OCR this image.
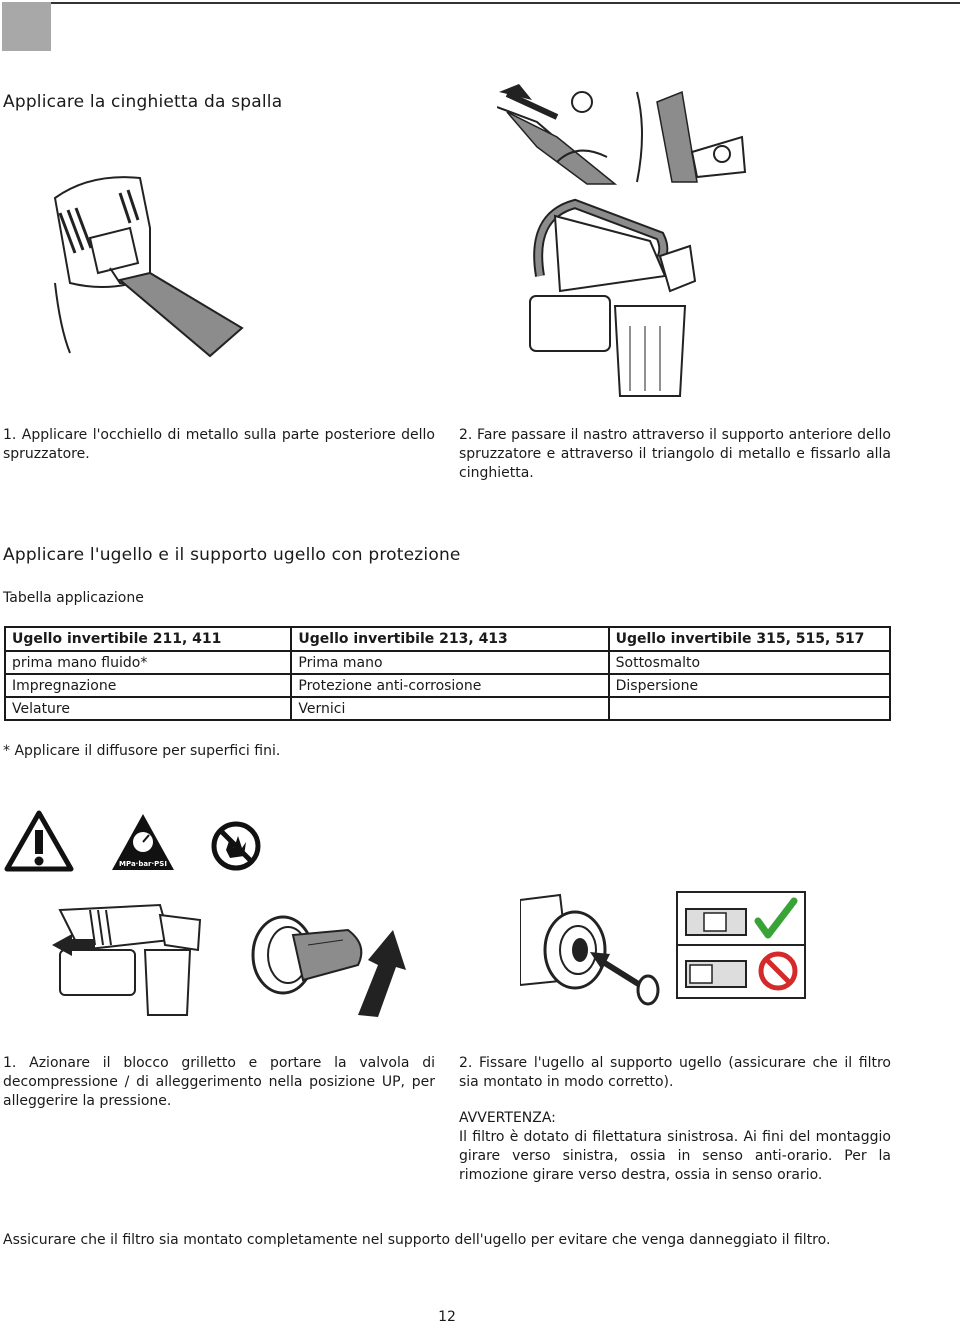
Applicare la cinghietta da spalla
1. Applicare l'occhiello di metallo sulla parte posteriore dello spruzzatore.
2. Fare passare il nastro attraverso il supporto anteriore dello spruzzatore e attraverso il triangolo di metallo e fissarlo alla cinghietta.
Applicare l'ugello e il supporto ugello con protezione
Tabella applicazione
Ugello invertibile 211, 411	Ugello invertibile 213, 413	Ugello invertibile 315, 515, 517
prima mano fluido*	Prima mano	Sottosmalto
Impregnazione	Protezione anti-corrosione	Dispersione
Velature	Vernici	
* Applicare il diffusore per superfici fini.
MPa·bar·PSI
1. Azionare il blocco grilletto e portare la valvola di decompressione / di alleggerimento nella posizione UP, per alleggerire la pressione.
2. Fissare l'ugello al supporto ugello (assicurare che il filtro sia montato in modo corretto).
AVVERTENZA:
Il filtro è dotato di filettatura sinistrosa. Ai fini del montaggio girare verso sinistra, ossia in senso anti-orario. Per la rimozione girare verso destra, ossia in senso orario.
Assicurare che il filtro sia montato completamente nel supporto dell'ugello per evitare che venga danneggiato il filtro.
12
